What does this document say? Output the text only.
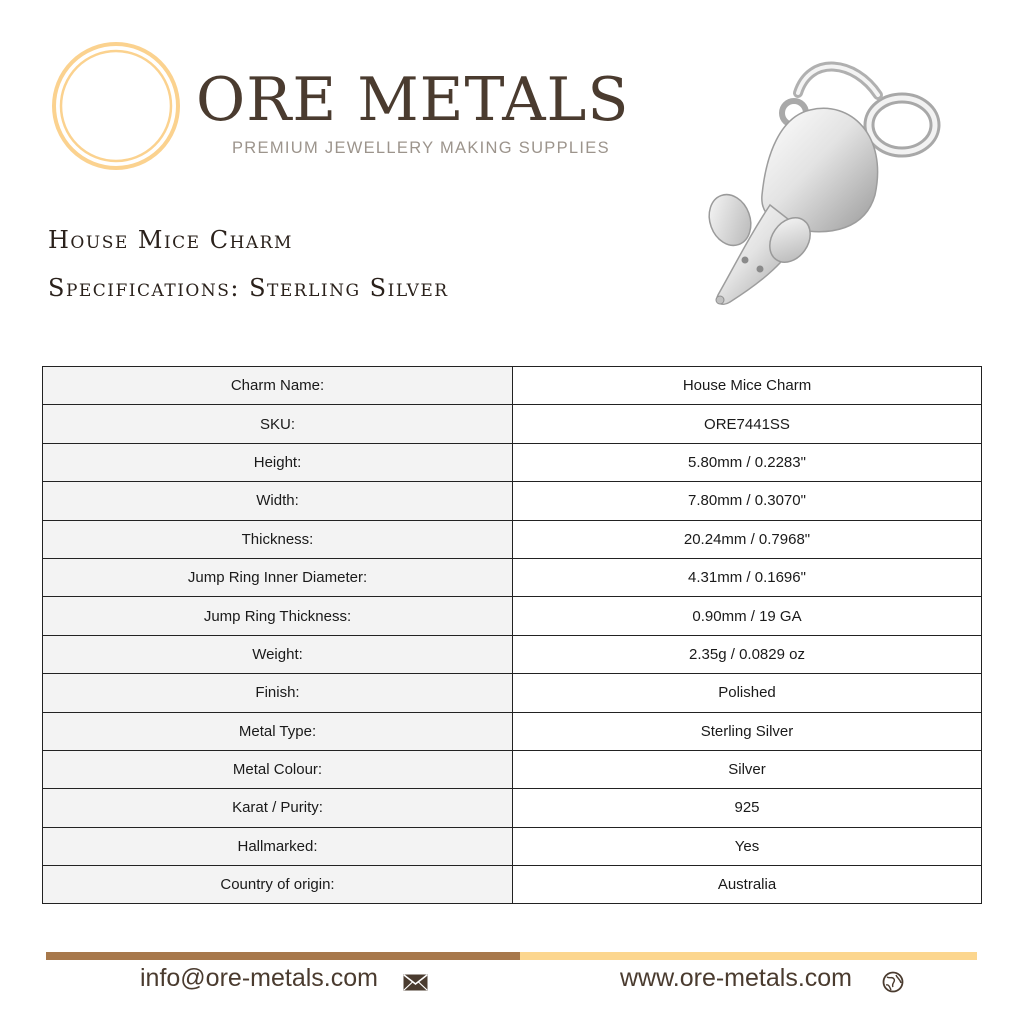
ORE METALS
PREMIUM JEWELLERY MAKING SUPPLIES
House Mice Charm
Specifications: Sterling Silver
Charm Name:	House Mice Charm
SKU:	ORE7441SS
Height:	5.80mm / 0.2283"
Width:	7.80mm / 0.3070"
Thickness:	20.24mm / 0.7968"
Jump Ring Inner Diameter:	4.31mm / 0.1696"
Jump Ring Thickness:	0.90mm / 19 GA
Weight:	2.35g / 0.0829 oz
Finish:	Polished
Metal Type:	Sterling Silver
Metal Colour:	Silver
Karat / Purity:	925
Hallmarked:	Yes
Country of origin:	Australia
info@ore-metals.com	www.ore-metals.com
